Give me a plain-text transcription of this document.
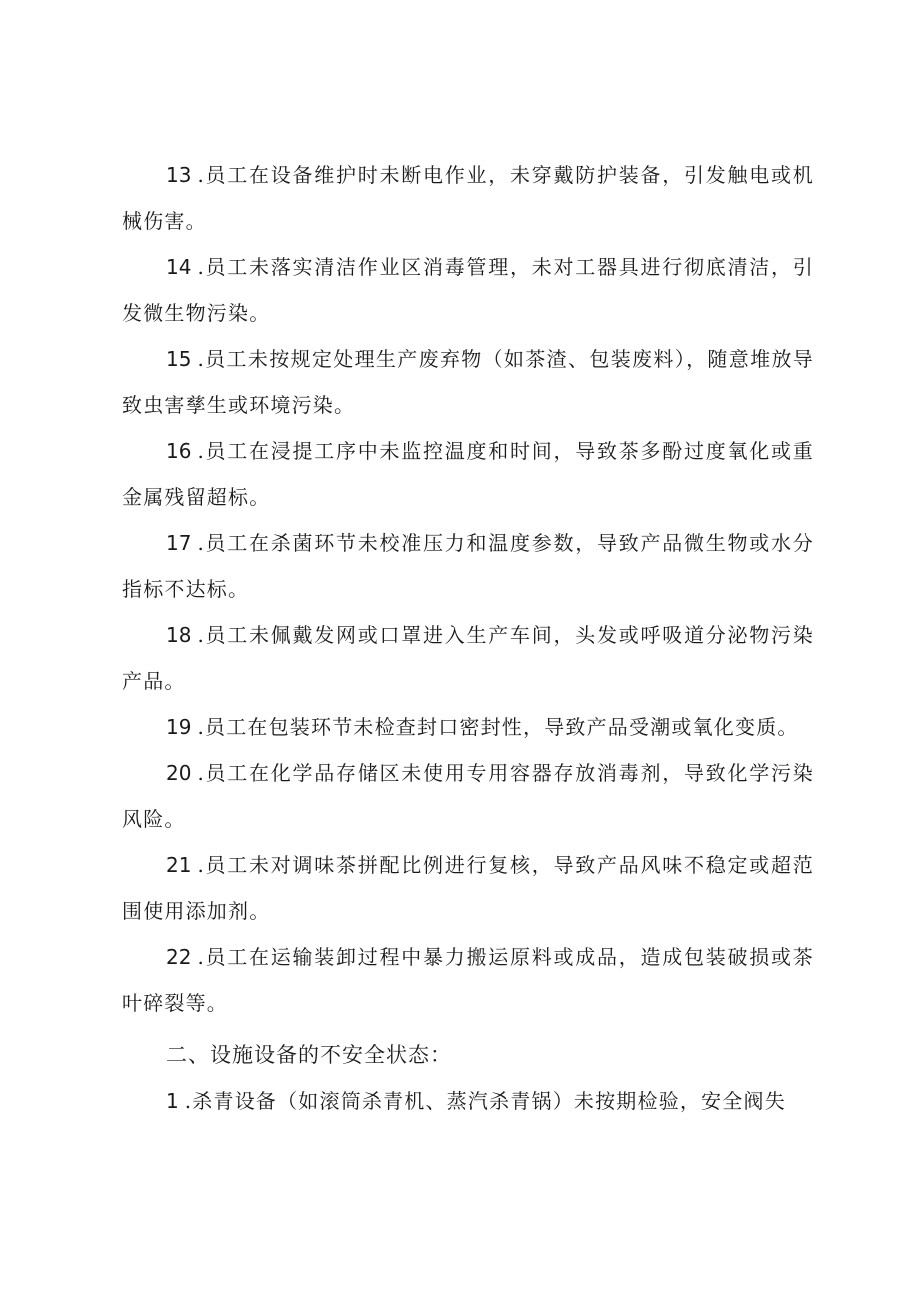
13 .员工在设备维护时未断电作业，未穿戴防护装备，引发触电或机械伤害。

14 .员工未落实清洁作业区消毒管理，未对工器具进行彻底清洁，引发微生物污染。

15 .员工未按规定处理生产废弃物（如茶渣、包装废料），随意堆放导致虫害孳生或环境污染。

16 .员工在浸提工序中未监控温度和时间，导致茶多酚过度氧化或重金属残留超标。

17 .员工在杀菌环节未校准压力和温度参数，导致产品微生物或水分指标不达标。

18 .员工未佩戴发网或口罩进入生产车间，头发或呼吸道分泌物污染产品。

19 .员工在包装环节未检查封口密封性，导致产品受潮或氧化变质。

20 .员工在化学品存储区未使用专用容器存放消毒剂，导致化学污染风险。

21 .员工未对调味茶拼配比例进行复核，导致产品风味不稳定或超范围使用添加剂。

22 .员工在运输装卸过程中暴力搬运原料或成品，造成包装破损或茶叶碎裂等。

二、设施设备的不安全状态：

1 .杀青设备（如滚筒杀青机、蒸汽杀青锅）未按期检验，安全阀失
